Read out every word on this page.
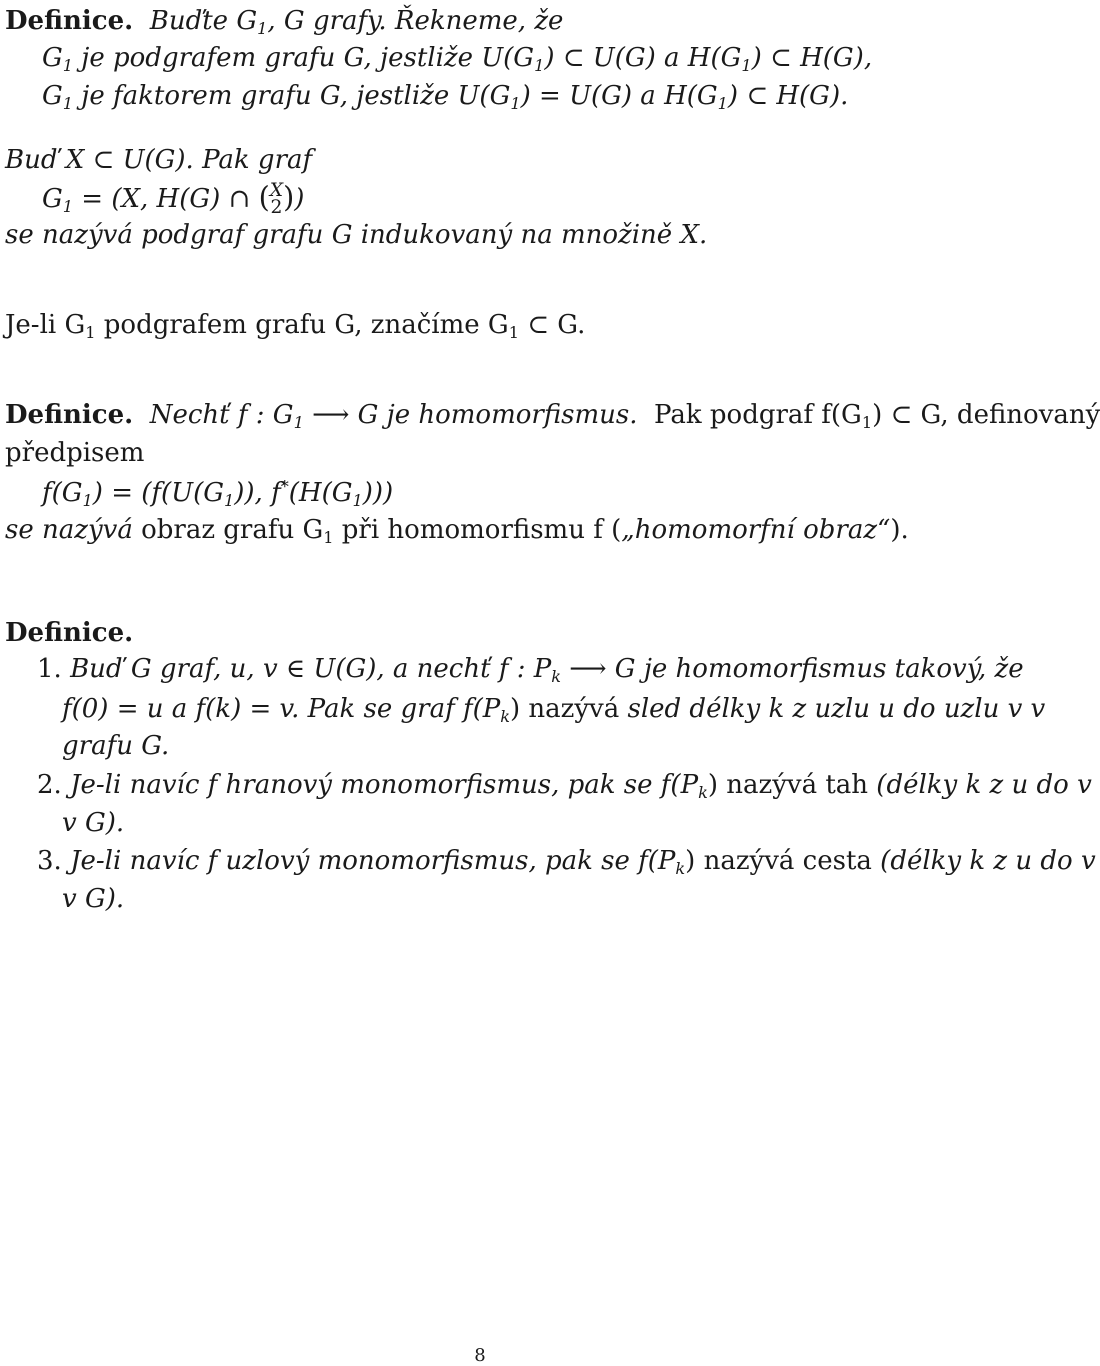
Definice. Buďte $G_1$, G grafy. Řekneme, že
$G_1$ je podgrafem grafu G, jestliže $U(G_1)$ ⊂ U(G) a $H(G_1)$ ⊂ H(G),
$G_1$ je faktorem grafu G, jestliže $U(G_1) = U(G)$ a $H(G_1)$ ⊂ H(G).
Buď X ⊂ U(G). Pak graf
$G_1 = (X$, H(G) ∩ (X
2 ))
se nazývá podgraf grafu G indukovaný na množině X.
Je-li $G_1$ podgrafem grafu G, značíme $G_1$ ⊂ G.
Definice. Nechť f : $G_1$ ⟶ G je homomorfismus. Pak podgraf $f(G_1)$ ⊂ G, definovaný
předpisem
$f(G_1) = (f(U(G_1))$, $f^*(H(G_1))$)
se nazývá obraz grafu $G_1$ při homomorfismu f („homomorfní obraz“).
Definice.
1. Buď G graf, u, v ∈ U(G), a nechť f : $P_k$ ⟶ G je homomorfismus takový, že
f(0) = u a f(k) = v. Pak se graf $f(P_k)$ nazývá sled délky k z uzlu u do uzlu v v
grafu G.
2. Je-li navíc f hranový monomorfismus, pak se $f(P_k)$ nazývá tah (délky k z u do v
v G).
3. Je-li navíc f uzlový monomorfismus, pak se $f(P_k)$ nazývá cesta (délky k z u do v
v G).
8
